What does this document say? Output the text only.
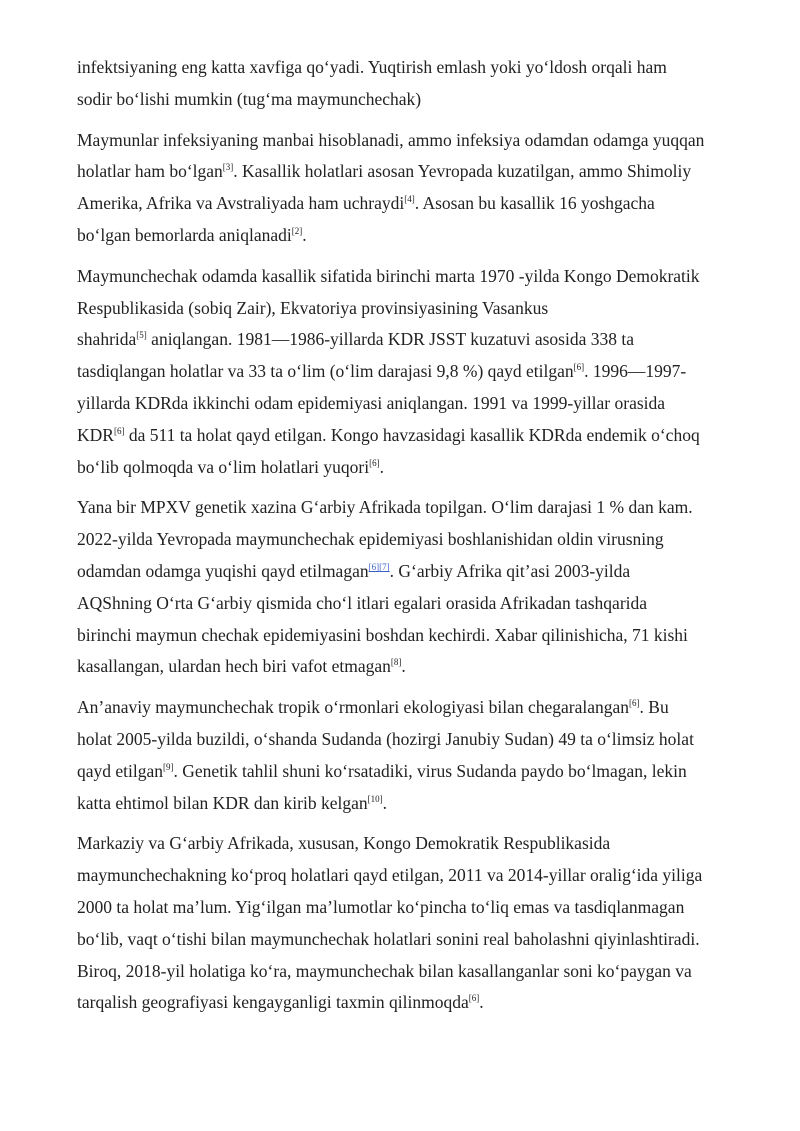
infektsiyaning eng katta xavfiga qoʻyadi. Yuqtirish emlash yoki yoʻldosh orqali ham
sodir boʻlishi mumkin (tugʻma maymunchechak)

Maymunlar infeksiyaning manbai hisoblanadi, ammo infeksiya odamdan odamga yuqqan
holatlar ham boʻlgan[3]. Kasallik holatlari asosan Yevropada kuzatilgan, ammo Shimoliy
Amerika, Afrika va Avstraliyada ham uchraydi[4]. Asosan bu kasallik 16 yoshgacha
boʻlgan bemorlarda aniqlanadi[2].

Maymunchechak odamda kasallik sifatida birinchi marta 1970 -yilda Kongo Demokratik
Respublikasida (sobiq Zair), Ekvatoriya provinsiyasining Vasankus
shahrida[5] aniqlangan. 1981—1986-yillarda KDR JSST kuzatuvi asosida 338 ta
tasdiqlangan holatlar va 33 ta oʻlim (oʻlim darajasi 9,8 %) qayd etilgan[6]. 1996—1997-
yillarda KDRda ikkinchi odam epidemiyasi aniqlangan. 1991 va 1999-yillar orasida
KDR[6] da 511 ta holat qayd etilgan. Kongo havzasidagi kasallik KDRda endemik oʻchoq
boʻlib qolmoqda va oʻlim holatlari yuqori[6].

Yana bir MPXV genetik xazina Gʻarbiy Afrikada topilgan. Oʻlim darajasi 1 % dan kam.
2022-yilda Yevropada maymunchechak epidemiyasi boshlanishidan oldin virusning
odamdan odamga yuqishi qayd etilmagan[6][7]. Gʻarbiy Afrika qit’asi 2003-yilda
AQShning Oʻrta Gʻarbiy qismida choʻl itlari egalari orasida Afrikadan tashqarida
birinchi maymun chechak epidemiyasini boshdan kechirdi. Xabar qilinishicha, 71 kishi
kasallangan, ulardan hech biri vafot etmagan[8].

An’anaviy maymunchechak tropik oʻrmonlari ekologiyasi bilan chegaralangan[6]. Bu
holat 2005-yilda buzildi, oʻshanda Sudanda (hozirgi Janubiy Sudan) 49 ta oʻlimsiz holat
qayd etilgan[9]. Genetik tahlil shuni koʻrsatadiki, virus Sudanda paydo boʻlmagan, lekin
katta ehtimol bilan KDR dan kirib kelgan[10].

Markaziy va Gʻarbiy Afrikada, xususan, Kongo Demokratik Respublikasida
maymunchechakning koʻproq holatlari qayd etilgan, 2011 va 2014-yillar oraligʻida yiliga
2000 ta holat ma’lum. Yigʻilgan ma’lumotlar koʻpincha toʻliq emas va tasdiqlanmagan
boʻlib, vaqt oʻtishi bilan maymunchechak holatlari sonini real baholashni qiyinlashtiradi.
Biroq, 2018-yil holatiga koʻra, maymunchechak bilan kasallanganlar soni koʻpaygan va
tarqalish geografiyasi kengayganligi taxmin qilinmoqda[6].
